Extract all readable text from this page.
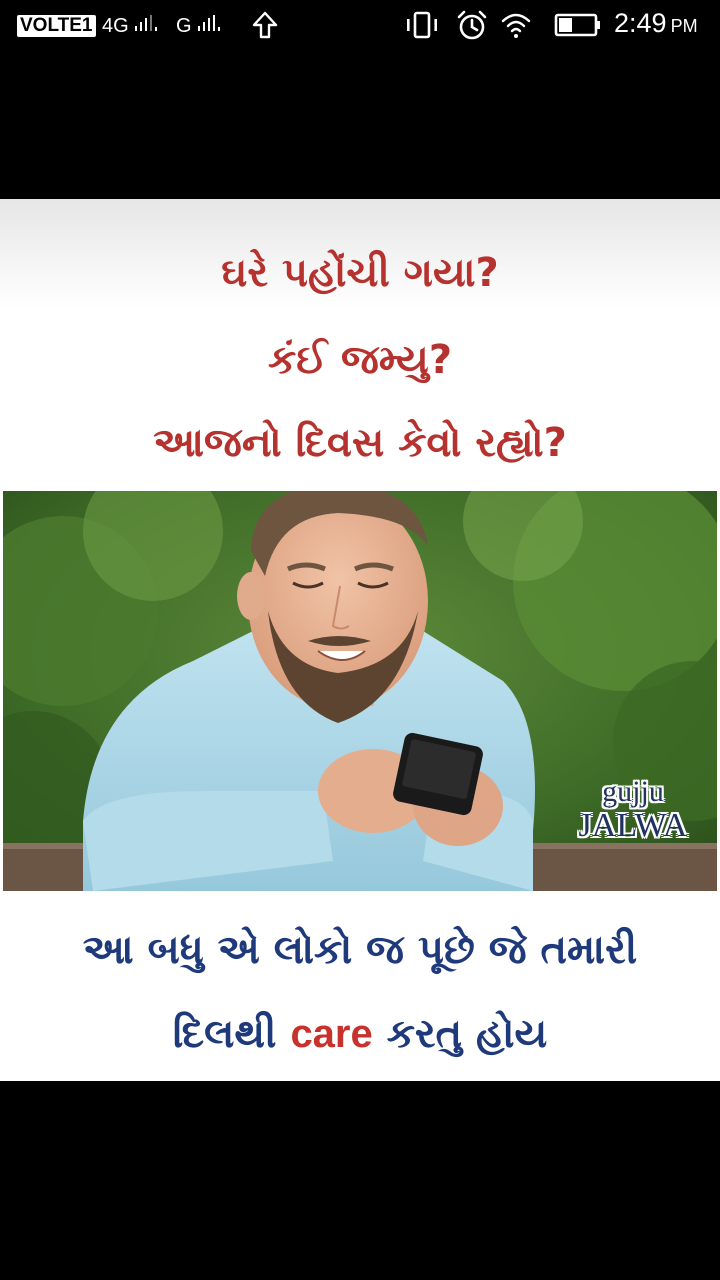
VOLTE1 4G G	2:49 PM
ઘરે પહોંચી ગયા?
કંઈ જમ્યુ?
આજનો દિવસ કેવો રહ્યો?
gujju
JALWA
આ બધુ એ લોકો જ પૂછે જે તમારી
દિલથી care કરતુ હોય
